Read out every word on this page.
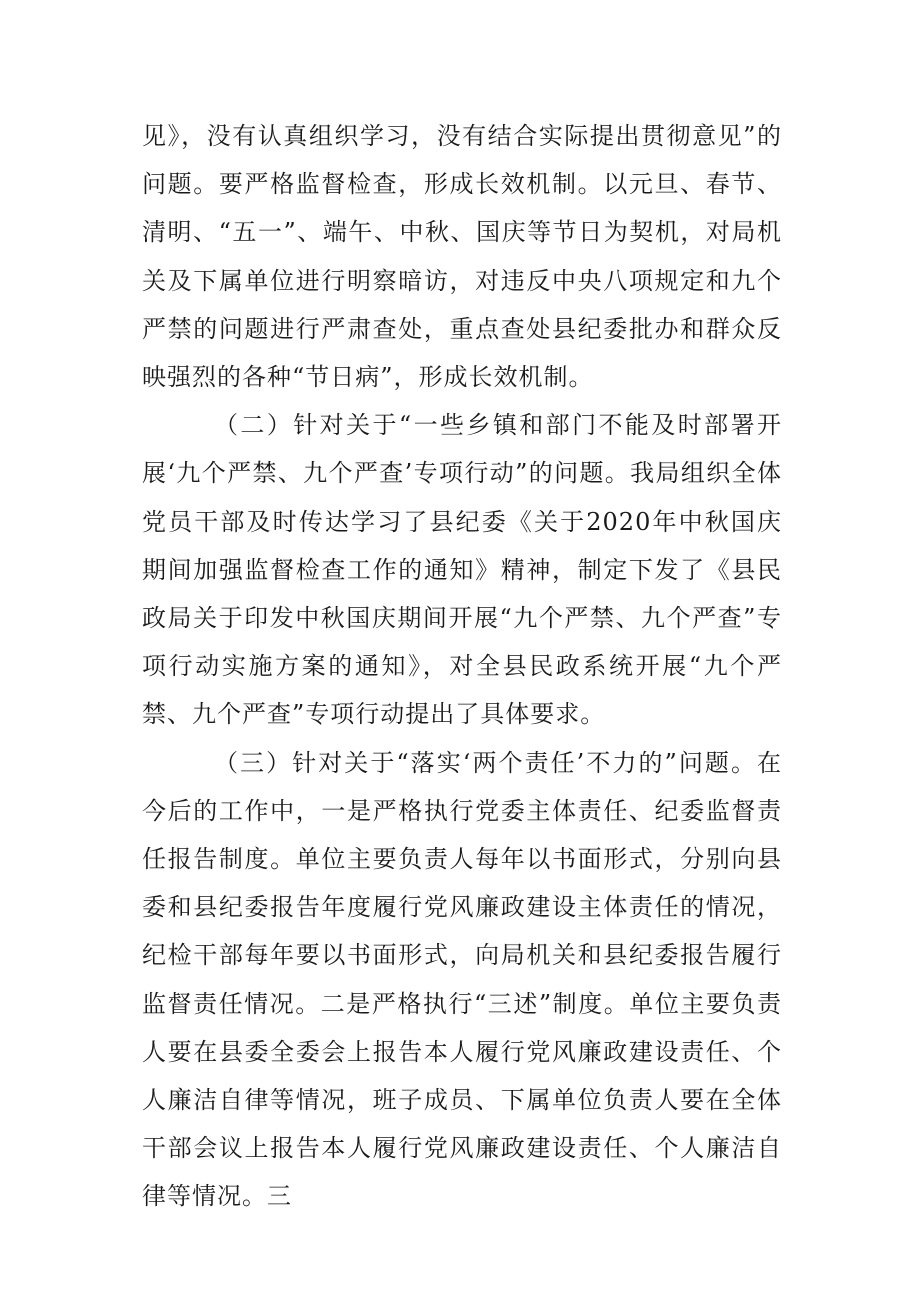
见》，没有认真组织学习，没有结合实际提出贯彻意见”的问题。要严格监督检查，形成长效机制。以元旦、春节、清明、“五一”、端午、中秋、国庆等节日为契机，对局机关及下属单位进行明察暗访，对违反中央八项规定和九个严禁的问题进行严肃查处，重点查处县纪委批办和群众反映强烈的各种“节日病”，形成长效机制。

（二）针对关于“一些乡镇和部门不能及时部署开展‘九个严禁、九个严查’专项行动”的问题。我局组织全体党员干部及时传达学习了县纪委《关于2020年中秋国庆期间加强监督检查工作的通知》精神，制定下发了《县民政局关于印发中秋国庆期间开展“九个严禁、九个严查”专项行动实施方案的通知》，对全县民政系统开展“九个严禁、九个严查”专项行动提出了具体要求。

（三）针对关于“落实‘两个责任’不力的”问题。在今后的工作中，一是严格执行党委主体责任、纪委监督责任报告制度。单位主要负责人每年以书面形式，分别向县委和县纪委报告年度履行党风廉政建设主体责任的情况，纪检干部每年要以书面形式，向局机关和县纪委报告履行监督责任情况。二是严格执行“三述”制度。单位主要负责人要在县委全委会上报告本人履行党风廉政建设责任、个人廉洁自律等情况，班子成员、下属单位负责人要在全体干部会议上报告本人履行党风廉政建设责任、个人廉洁自律等情况。三
